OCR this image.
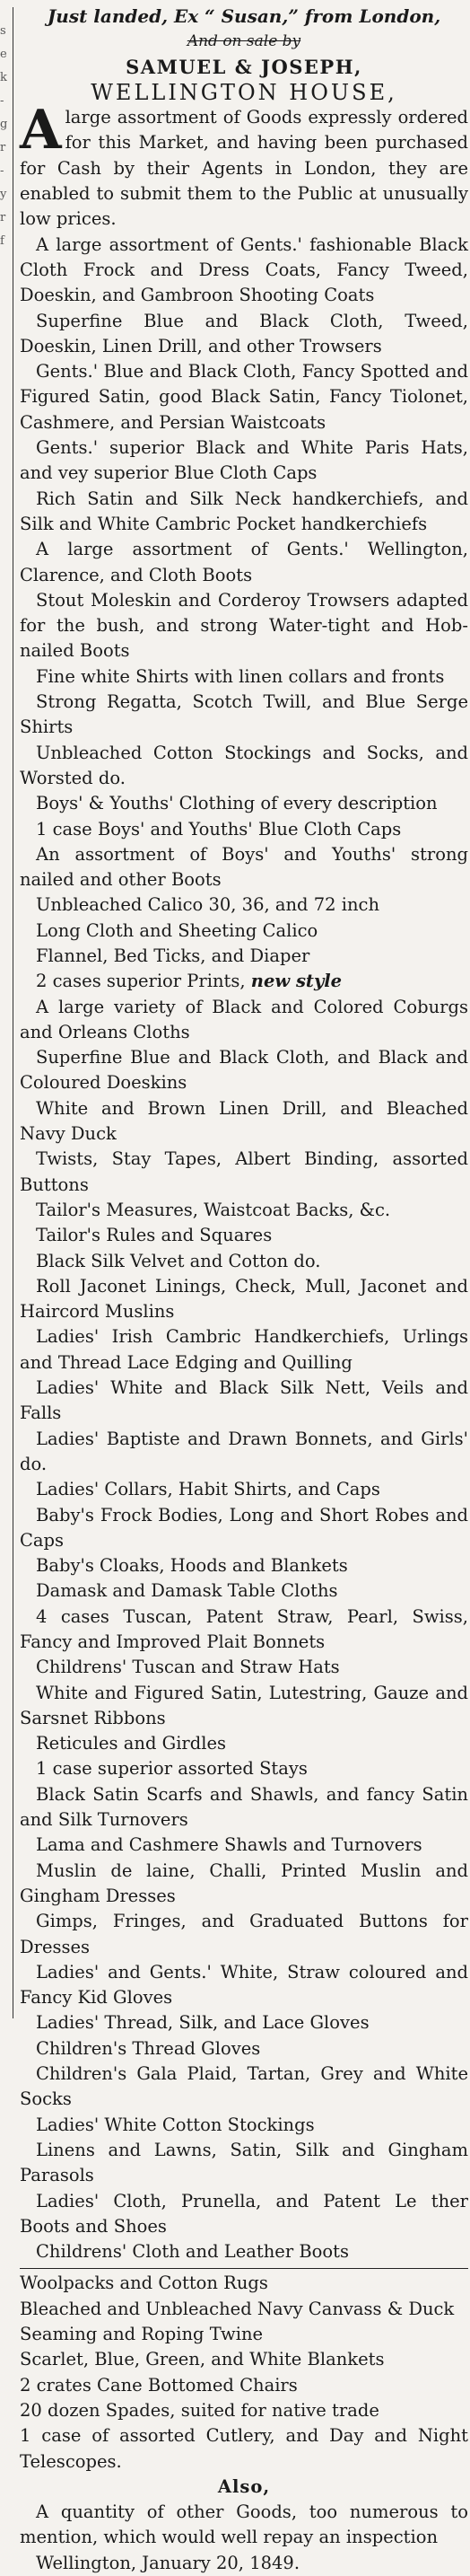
s
e
k
-
g
r
-
y
r
f
Just landed, Ex “ Susan,” from London,
And on sale by
SAMUEL & JOSEPH,
WELLINGTON HOUSE,
A large assortment of Goods expressly ordered for this Market, and having been purchased for Cash by their Agents in London, they are enabled to submit them to the Public at unusually low prices.
A large assortment of Gents.' fashionable Black Cloth Frock and Dress Coats, Fancy Tweed, Doeskin, and Gambroon Shooting Coats
Superfine Blue and Black Cloth, Tweed, Doeskin, Linen Drill, and other Trowsers
Gents.' Blue and Black Cloth, Fancy Spotted and Figured Satin, good Black Satin, Fancy Tiolonet, Cashmere, and Persian Waistcoats
Gents.' superior Black and White Paris Hats, and vey superior Blue Cloth Caps
Rich Satin and Silk Neck handkerchiefs, and Silk and White Cambric Pocket handkerchiefs
A large assortment of Gents.' Wellington, Clarence, and Cloth Boots
Stout Moleskin and Corderoy Trowsers adapted for the bush, and strong Water-tight and Hob-nailed Boots
Fine white Shirts with linen collars and fronts
Strong Regatta, Scotch Twill, and Blue Serge Shirts
Unbleached Cotton Stockings and Socks, and Worsted do.
Boys' & Youths' Clothing of every description
1 case Boys' and Youths' Blue Cloth Caps
An assortment of Boys' and Youths' strong nailed and other Boots
Unbleached Calico 30, 36, and 72 inch
Long Cloth and Sheeting Calico
Flannel, Bed Ticks, and Diaper
2 cases superior Prints, new style
A large variety of Black and Colored Coburgs and Orleans Cloths
Superfine Blue and Black Cloth, and Black and Coloured Doeskins
White and Brown Linen Drill, and Bleached Navy Duck
Twists, Stay Tapes, Albert Binding, assorted Buttons
Tailor's Measures, Waistcoat Backs, &c.
Tailor's Rules and Squares
Black Silk Velvet and Cotton do.
Roll Jaconet Linings, Check, Mull, Jaconet and Haircord Muslins
Ladies' Irish Cambric Handkerchiefs, Urlings and Thread Lace Edging and Quilling
Ladies' White and Black Silk Nett, Veils and Falls
Ladies' Baptiste and Drawn Bonnets, and Girls' do.
Ladies' Collars, Habit Shirts, and Caps
Baby's Frock Bodies, Long and Short Robes and Caps
Baby's Cloaks, Hoods and Blankets
Damask and Damask Table Cloths
4 cases Tuscan, Patent Straw, Pearl, Swiss, Fancy and Improved Plait Bonnets
Childrens' Tuscan and Straw Hats
White and Figured Satin, Lutestring, Gauze and Sarsnet Ribbons
Reticules and Girdles
1 case superior assorted Stays
Black Satin Scarfs and Shawls, and fancy Satin and Silk Turnovers
Lama and Cashmere Shawls and Turnovers
Muslin de laine, Challi, Printed Muslin and Gingham Dresses
Gimps, Fringes, and Graduated Buttons for Dresses
Ladies' and Gents.' White, Straw coloured and Fancy Kid Gloves
Ladies' Thread, Silk, and Lace Gloves
Children's Thread Gloves
Children's Gala Plaid, Tartan, Grey and White Socks
Ladies' White Cotton Stockings
Linens and Lawns, Satin, Silk and Gingham Parasols
Ladies' Cloth, Prunella, and Patent Le ther Boots and Shoes
Childrens' Cloth and Leather Boots
Woolpacks and Cotton Rugs
Bleached and Unbleached Navy Canvass & Duck
Seaming and Roping Twine
Scarlet, Blue, Green, and White Blankets
2 crates Cane Bottomed Chairs
20 dozen Spades, suited for native trade
1 case of assorted Cutlery, and Day and Night Telescopes.
Also,
A quantity of other Goods, too numerous to mention, which would well repay an inspection
Wellington, January 20, 1849.
